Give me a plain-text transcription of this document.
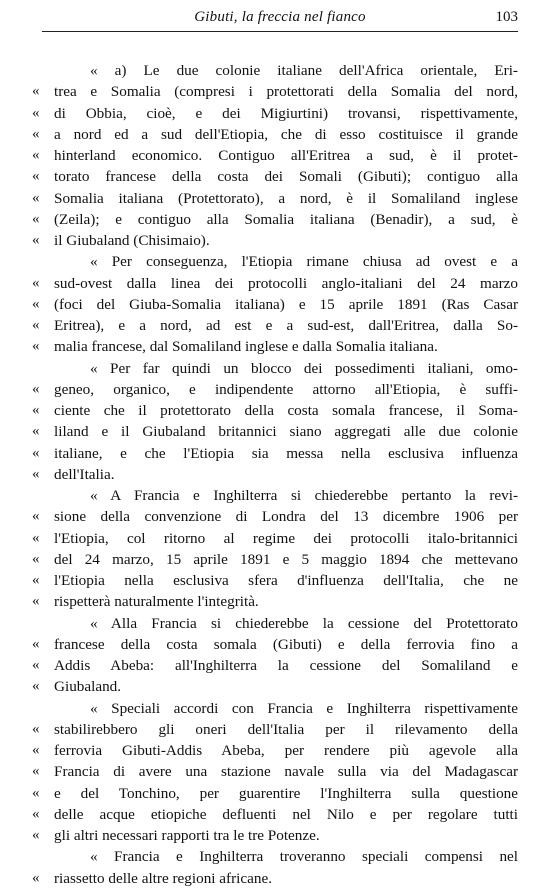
Gibuti, la freccia nel fianco	103
« a) Le due colonie italiane dell'Africa orientale, Eri-
« trea e Somalia (compresi i protettorati della Somalia del nord,
« di Obbia, cioè, e dei Migiurtini) trovansi, rispettivamente,
« a nord ed a sud dell'Etiopia, che di esso costituisce il grande
« hinterland economico. Contiguo all'Eritrea a sud, è il protet-
« torato francese della costa dei Somali (Gibuti); contiguo alla
« Somalia italiana (Protettorato), a nord, è il Somaliland inglese
« (Zeila); e contiguo alla Somalia italiana (Benadir), a sud, è
« il Giubaland (Chisimaio).
« Per conseguenza, l'Etiopia rimane chiusa ad ovest e a
« sud-ovest dalla linea dei protocolli anglo-italiani del 24 marzo
« (foci del Giuba-Somalia italiana) e 15 aprile 1891 (Ras Casar
« Eritrea), e a nord, ad est e a sud-est, dall'Eritrea, dalla So-
« malia francese, dal Somaliland inglese e dalla Somalia italiana.
« Per far quindi un blocco dei possedimenti italiani, omo-
« geneo, organico, e indipendente attorno all'Etiopia, è suffi-
« ciente che il protettorato della costa somala francese, il Soma-
« liland e il Giubaland britannici siano aggregati alle due colonie
« italiane, e che l'Etiopia sia messa nella esclusiva influenza
« dell'Italia.
« A Francia e Inghilterra si chiederebbe pertanto la revi-
« sione della convenzione di Londra del 13 dicembre 1906 per
« l'Etiopia, col ritorno al regime dei protocolli italo-britannici
« del 24 marzo, 15 aprile 1891 e 5 maggio 1894 che mettevano
« l'Etiopia nella esclusiva sfera d'influenza dell'Italia, che ne
« rispetterà naturalmente l'integrità.
« Alla Francia si chiederebbe la cessione del Protettorato
« francese della costa somala (Gibuti) e della ferrovia fino a
« Addis Abeba: all'Inghilterra la cessione del Somaliland e
« Giubaland.
« Speciali accordi con Francia e Inghilterra rispettivamente
« stabilirebbero gli oneri dell'Italia per il rilevamento della
« ferrovia Gibuti-Addis Abeba, per rendere più agevole alla
« Francia di avere una stazione navale sulla via del Madagascar
« e del Tonchino, per guarentire l'Inghilterra sulla questione
« delle acque etiopiche defluenti nel Nilo e per regolare tutti
« gli altri necessari rapporti tra le tre Potenze.
« Francia e Inghilterra troveranno speciali compensi nel
« riassetto delle altre regioni africane.
